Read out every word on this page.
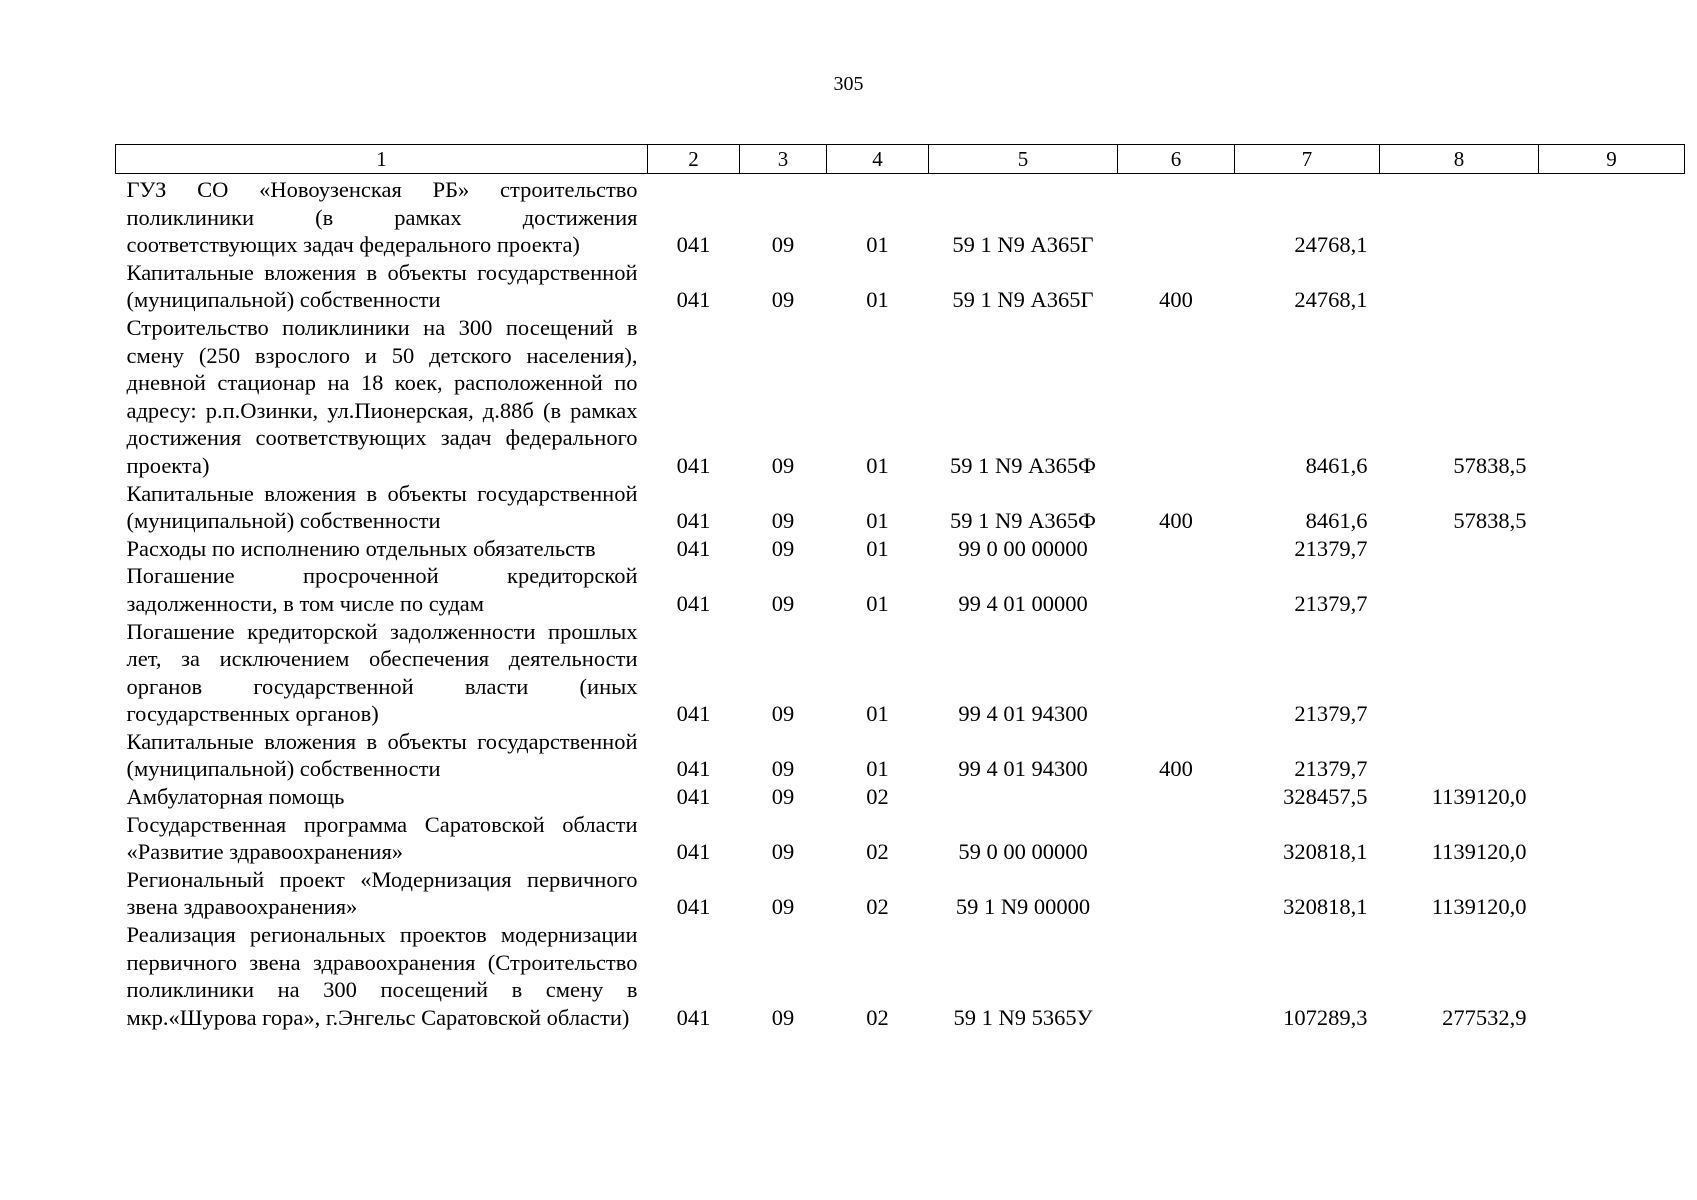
305
1	2	3	4	5	6	7	8	9
ГУЗ СО «Новоузенская РБ» строительство поликлиники (в рамках достижения соответствующих задач федерального проекта)	041	09	01	59 1 N9 А365Г		24768,1		
Капитальные вложения в объекты государственной (муниципальной) собственности	041	09	01	59 1 N9 А365Г	400	24768,1		
Строительство поликлиники на 300 посещений в смену (250 взрослого и 50 детского населения), дневной стационар на 18 коек, расположенной по адресу: р.п.Озинки, ул.Пионерская, д.88б (в рамках достижения соответствующих задач федерального проекта)	041	09	01	59 1 N9 А365Ф		8461,6	57838,5	
Капитальные вложения в объекты государственной (муниципальной) собственности	041	09	01	59 1 N9 А365Ф	400	8461,6	57838,5	
Расходы по исполнению отдельных обязательств	041	09	01	99 0 00 00000		21379,7		
Погашение просроченной кредиторской задолженности, в том числе по судам	041	09	01	99 4 01 00000		21379,7		
Погашение кредиторской задолженности прошлых лет, за исключением обеспечения деятельности органов государственной власти (иных государственных органов)	041	09	01	99 4 01 94300		21379,7		
Капитальные вложения в объекты государственной (муниципальной) собственности	041	09	01	99 4 01 94300	400	21379,7		
Амбулаторная помощь	041	09	02			328457,5	1139120,0	
Государственная программа Саратовской области «Развитие здравоохранения»	041	09	02	59 0 00 00000		320818,1	1139120,0	
Региональный проект «Модернизация первичного звена здравоохранения»	041	09	02	59 1 N9 00000		320818,1	1139120,0	
Реализация региональных проектов модернизации первичного звена здравоохранения (Строительство поликлиники на 300 посещений в смену в мкр.«Шурова гора», г.Энгельс Саратовской области)	041	09	02	59 1 N9 5365У		107289,3	277532,9	
